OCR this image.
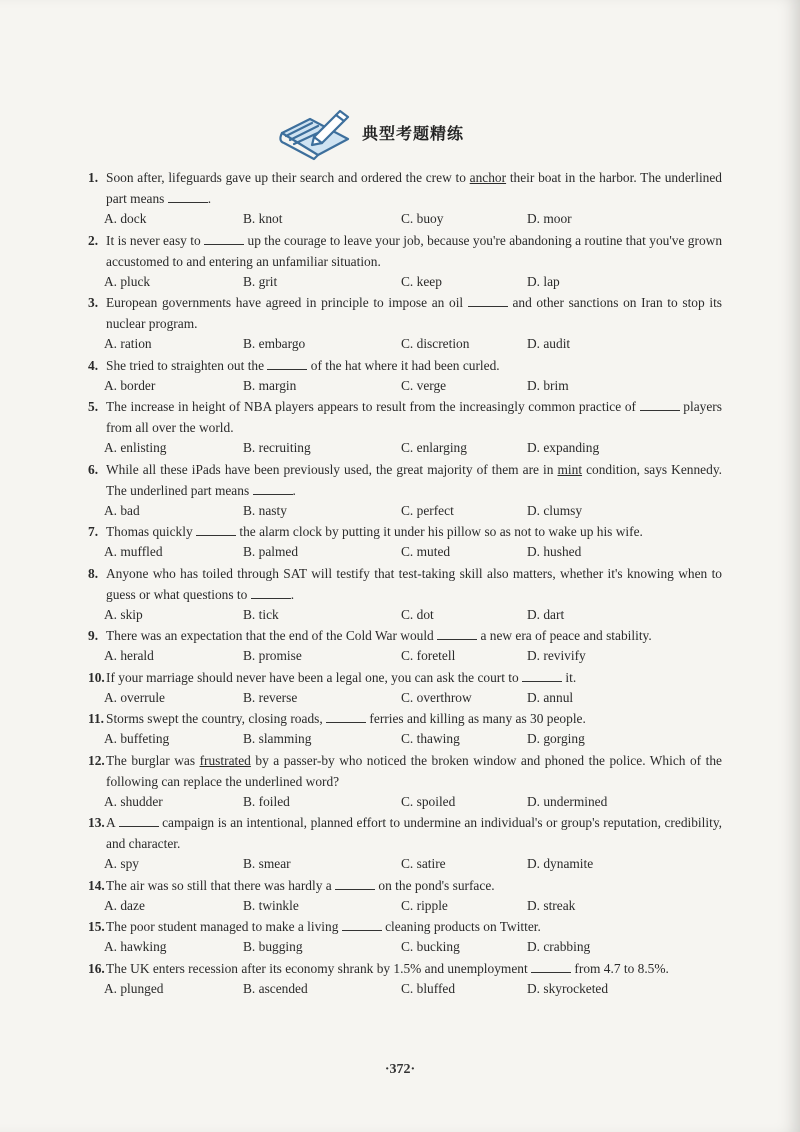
典型考题精练
1. Soon after, lifeguards gave up their search and ordered the crew to anchor their boat in the harbor. The underlined part means	.
A. dock	B. knot	C. buoy	D. moor
2. It is never easy to	up the courage to leave your job, because you're abandoning a routine that you've grown accustomed to and entering an unfamiliar situation.
A. pluck	B. grit	C. keep	D. lap
3. European governments have agreed in principle to impose an oil	and other sanctions on Iran to stop its nuclear program.
A. ration	B. embargo	C. discretion	D. audit
4. She tried to straighten out the	of the hat where it had been curled.
A. border	B. margin	C. verge	D. brim
5. The increase in height of NBA players appears to result from the increasingly common practice of	players from all over the world.
A. enlisting	B. recruiting	C. enlarging	D. expanding
6. While all these iPads have been previously used, the great majority of them are in mint condition, says Kennedy. The underlined part means	.
A. bad	B. nasty	C. perfect	D. clumsy
7. Thomas quickly	the alarm clock by putting it under his pillow so as not to wake up his wife.
A. muffled	B. palmed	C. muted	D. hushed
8. Anyone who has toiled through SAT will testify that test-taking skill also matters, whether it's knowing when to guess or what questions to	.
A. skip	B. tick	C. dot	D. dart
9. There was an expectation that the end of the Cold War would	a new era of peace and stability.
A. herald	B. promise	C. foretell	D. revivify
10. If your marriage should never have been a legal one, you can ask the court to	it.
A. overrule	B. reverse	C. overthrow	D. annul
11. Storms swept the country, closing roads,	ferries and killing as many as 30 people.
A. buffeting	B. slamming	C. thawing	D. gorging
12. The burglar was frustrated by a passer-by who noticed the broken window and phoned the police. Which of the following can replace the underlined word?
A. shudder	B. foiled	C. spoiled	D. undermined
13. A	campaign is an intentional, planned effort to undermine an individual's or group's reputation, credibility, and character.
A. spy	B. smear	C. satire	D. dynamite
14. The air was so still that there was hardly a	on the pond's surface.
A. daze	B. twinkle	C. ripple	D. streak
15. The poor student managed to make a living	cleaning products on Twitter.
A. hawking	B. bugging	C. bucking	D. crabbing
16. The UK enters recession after its economy shrank by 1.5% and unemployment	from 4.7 to 8.5%.
A. plunged	B. ascended	C. bluffed	D. skyrocketed
·372·
